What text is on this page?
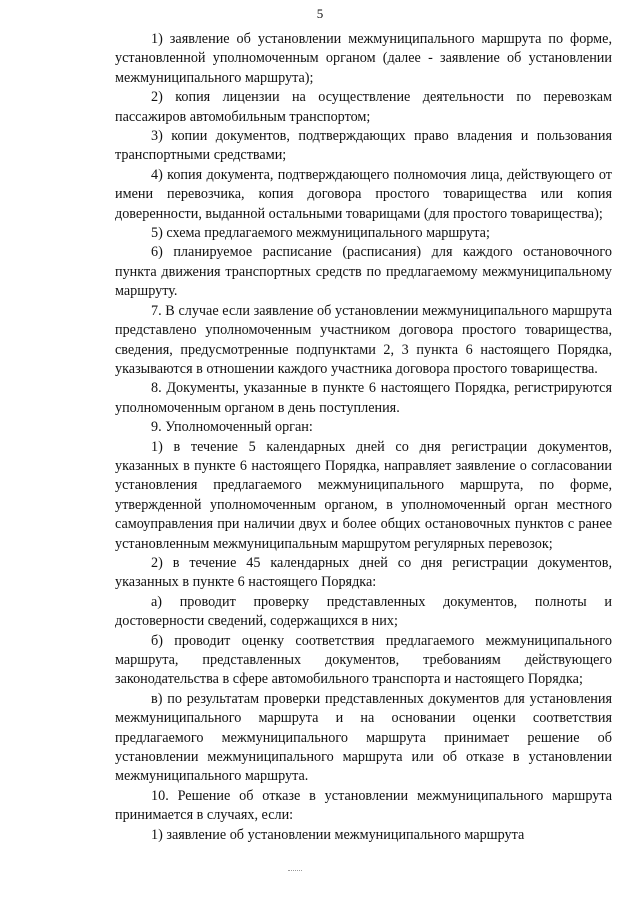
5

1) заявление об установлении межмуниципального маршрута по форме, установленной уполномоченным органом (далее - заявление об установлении межмуниципального маршрута);

2) копия лицензии на осуществление деятельности по перевозкам пассажиров автомобильным транспортом;

3) копии документов, подтверждающих право владения и пользования транспортными средствами;

4) копия документа, подтверждающего полномочия лица, действующего от имени перевозчика, копия договора простого товарищества или копия доверенности, выданной остальными товарищами (для простого товарищества);

5) схема предлагаемого межмуниципального маршрута;

6) планируемое расписание (расписания) для каждого остановочного пункта движения транспортных средств по предлагаемому межмуниципальному маршруту.

7. В случае если заявление об установлении межмуниципального маршрута представлено уполномоченным участником договора простого товарищества, сведения, предусмотренные подпунктами 2, 3 пункта 6 настоящего Порядка, указываются в отношении каждого участника договора простого товарищества.

8. Документы, указанные в пункте 6 настоящего Порядка, регистрируются уполномоченным органом в день поступления.

9. Уполномоченный орган:

1) в течение 5 календарных дней со дня регистрации документов, указанных в пункте 6 настоящего Порядка, направляет заявление о согласовании установления предлагаемого межмуниципального маршрута, по форме, утвержденной уполномоченным органом, в уполномоченный орган местного самоуправления при наличии двух и более общих остановочных пунктов с ранее установленным межмуниципальным маршрутом регулярных перевозок;

2) в течение 45 календарных дней со дня регистрации документов, указанных в пункте 6 настоящего Порядка:

а) проводит проверку представленных документов, полноты и достоверности сведений, содержащихся в них;

б) проводит оценку соответствия предлагаемого межмуниципального маршрута, представленных документов, требованиям действующего законодательства в сфере автомобильного транспорта и настоящего Порядка;

в) по результатам проверки представленных документов для установления межмуниципального маршрута и на основании оценки соответствия предлагаемого межмуниципального маршрута принимает решение об установлении межмуниципального маршрута или об отказе в установлении межмуниципального маршрута.

10. Решение об отказе в установлении межмуниципального маршрута принимается в случаях, если:

1) заявление об установлении межмуниципального маршрута
